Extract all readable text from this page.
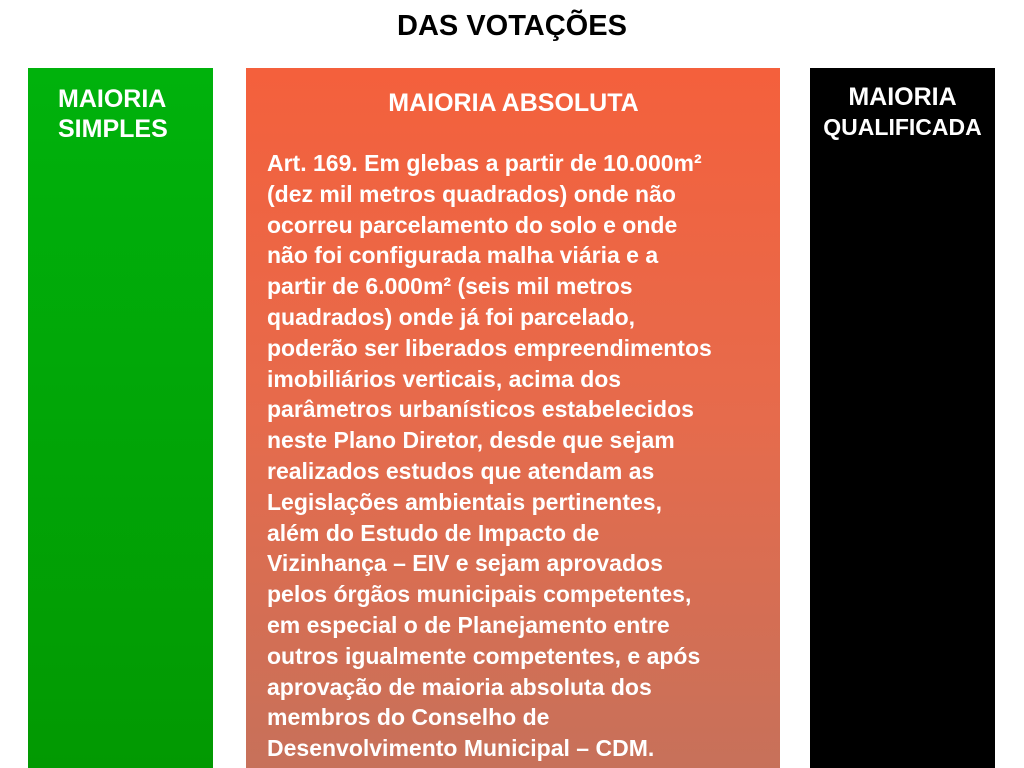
DAS VOTAÇÕES
MAIORIA
SIMPLES
MAIORIA ABSOLUTA
Art. 169. Em glebas a partir de 10.000m²
(dez mil metros quadrados) onde não
ocorreu parcelamento do solo e onde
não foi configurada malha viária e a
partir de 6.000m² (seis mil metros
quadrados) onde já foi parcelado,
poderão ser liberados empreendimentos
imobiliários verticais, acima dos
parâmetros urbanísticos estabelecidos
neste Plano Diretor, desde que sejam
realizados estudos que atendam as
Legislações ambientais pertinentes,
além do Estudo de Impacto de
Vizinhança – EIV e sejam aprovados
pelos órgãos municipais competentes,
em especial o de Planejamento entre
outros igualmente competentes, e após
aprovação de maioria absoluta dos
membros do Conselho de
Desenvolvimento Municipal – CDM.
MAIORIA
QUALIFICADA
